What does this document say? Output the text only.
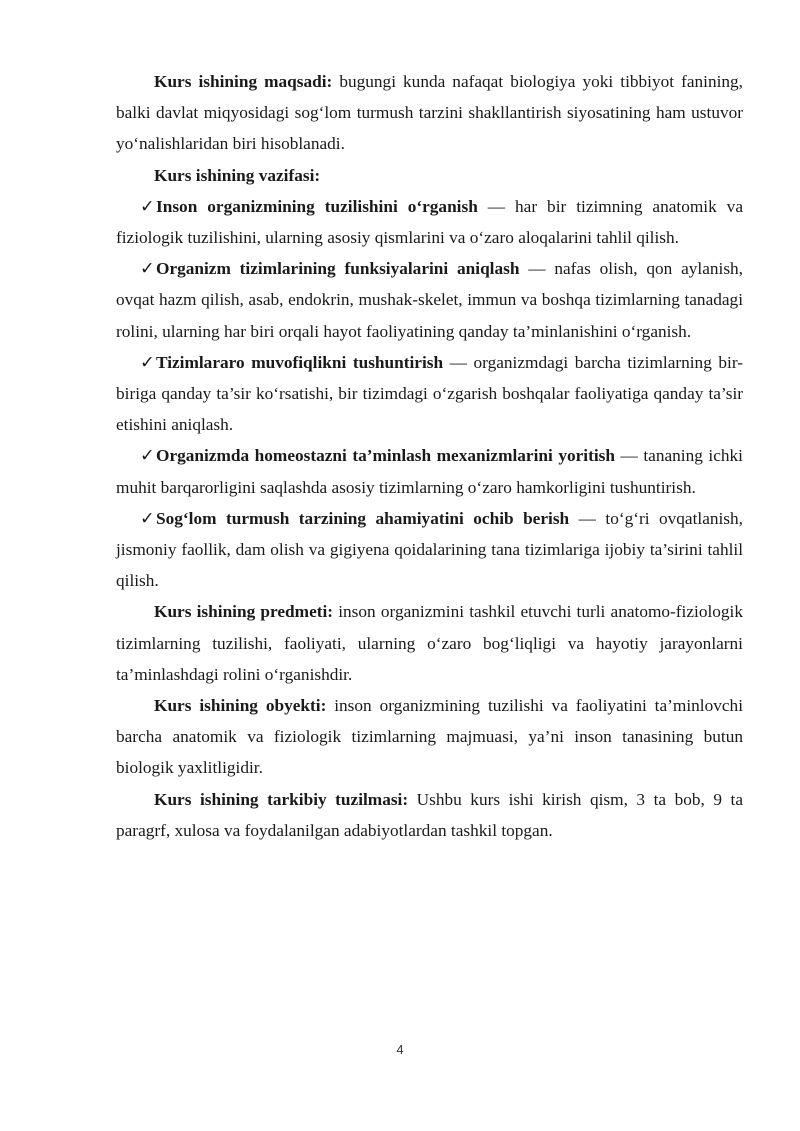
Kurs ishining maqsadi: bugungi kunda nafaqat biologiya yoki tibbiyot fanining, balki davlat miqyosidagi sog‘lom turmush tarzini shakllantirish siyosatining ham ustuvor yo‘nalishlaridan biri hisoblanadi.

Kurs ishining vazifasi:

✓Inson organizmining tuzilishini o‘rganish — har bir tizimning anatomik va fiziologik tuzilishini, ularning asosiy qismlarini va o‘zaro aloqalarini tahlil qilish.

✓Organizm tizimlarining funksiyalarini aniqlash — nafas olish, qon aylanish, ovqat hazm qilish, asab, endokrin, mushak-skelet, immun va boshqa tizimlarning tanadagi rolini, ularning har biri orqali hayot faoliyatining qanday ta’minlanishini o‘rganish.

✓Tizimlararo muvofiqlikni tushuntirish — organizmdagi barcha tizimlarning bir-biriga qanday ta’sir ko‘rsatishi, bir tizimdagi o‘zgarish boshqalar faoliyatiga qanday ta’sir etishini aniqlash.

✓Organizmda homeostazni ta’minlash mexanizmlarini yoritish — tananing ichki muhit barqarorligini saqlashda asosiy tizimlarning o‘zaro hamkorligini tushuntirish.

✓Sog‘lom turmush tarzining ahamiyatini ochib berish — to‘g‘ri ovqatlanish, jismoniy faollik, dam olish va gigiyena qoidalarining tana tizimlariga ijobiy ta’sirini tahlil qilish.

Kurs ishining predmeti: inson organizmini tashkil etuvchi turli anatomo-fiziologik tizimlarning tuzilishi, faoliyati, ularning o‘zaro bog‘liqligi va hayotiy jarayonlarni ta’minlashdagi rolini o‘rganishdir.

Kurs ishining obyekti: inson organizmining tuzilishi va faoliyatini ta’minlovchi barcha anatomik va fiziologik tizimlarning majmuasi, ya’ni inson tanasining butun biologik yaxlitligidir.

Kurs ishining tarkibiy tuzilmasi: Ushbu kurs ishi kirish qism, 3 ta bob, 9 ta paragrf, xulosa va foydalanilgan adabiyotlardan tashkil topgan.

4
